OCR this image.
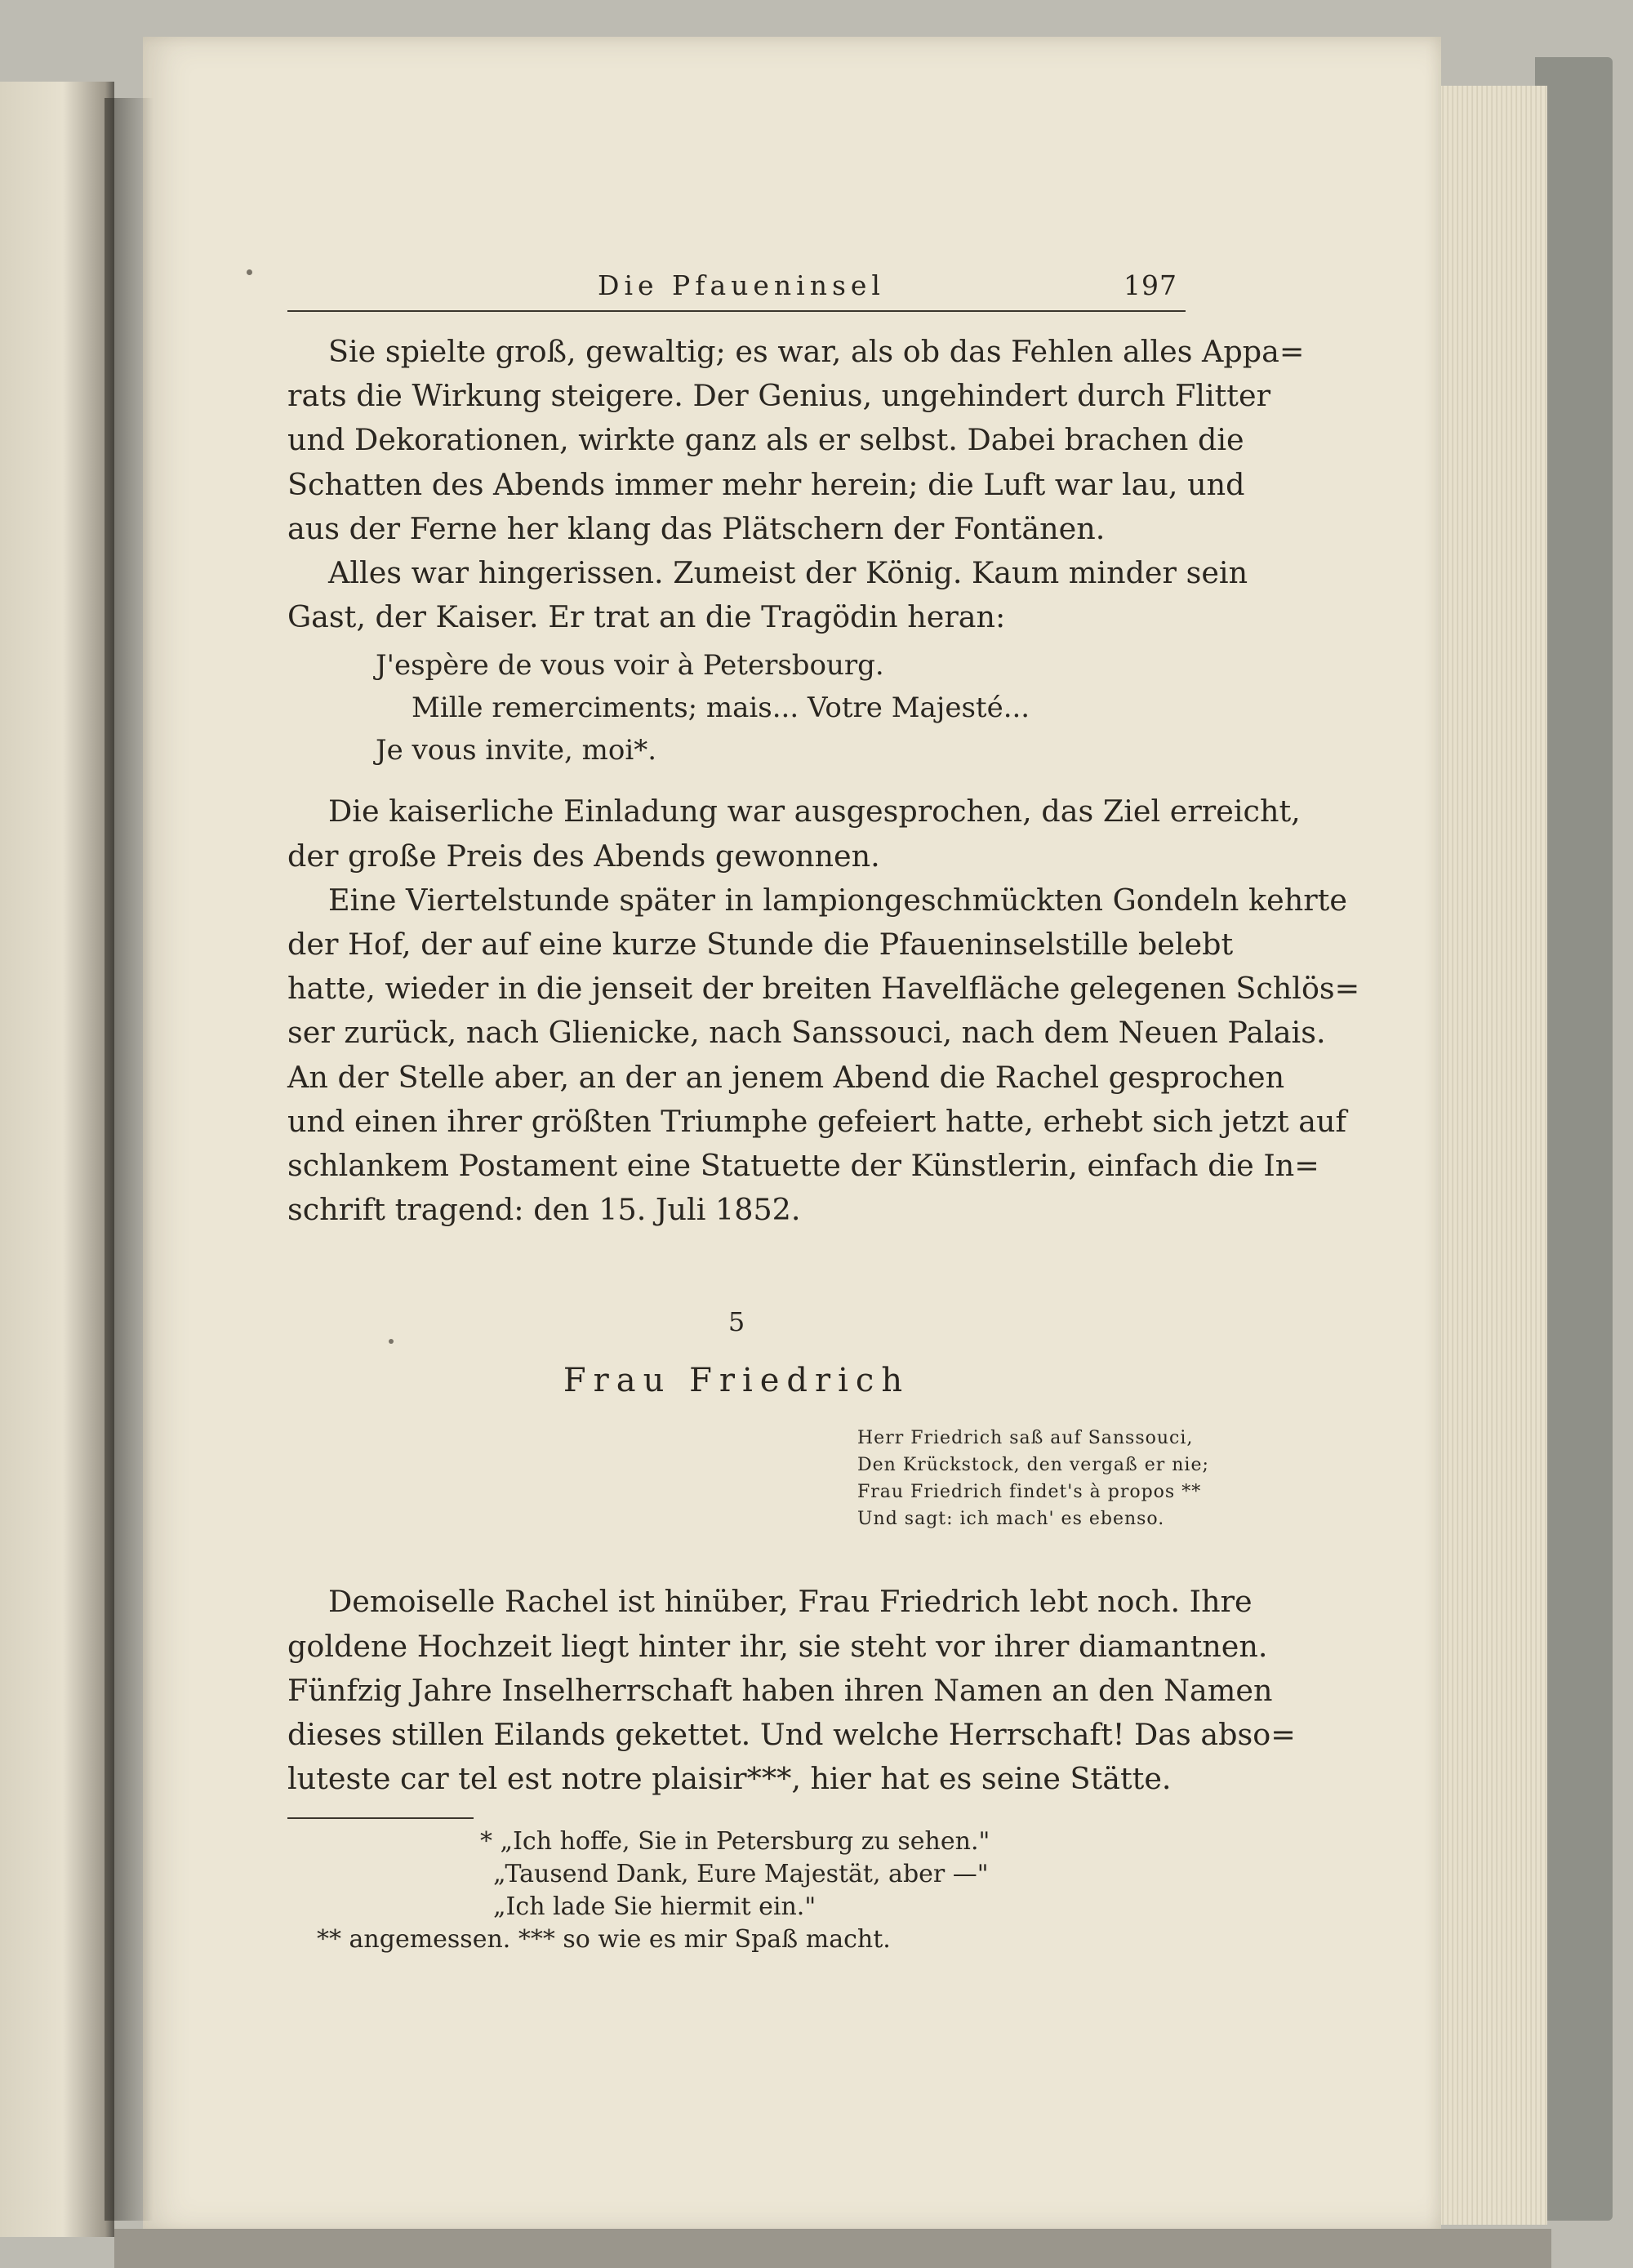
Die Pfaueninsel	197

Sie spielte groß, gewaltig; es war, als ob das Fehlen alles Appa=
rats die Wirkung steigere. Der Genius, ungehindert durch Flitter
und Dekorationen, wirkte ganz als er selbst. Dabei brachen die
Schatten des Abends immer mehr herein; die Luft war lau, und
aus der Ferne her klang das Plätschern der Fontänen.

Alles war hingerissen. Zumeist der König. Kaum minder sein
Gast, der Kaiser. Er trat an die Tragödin heran:

J'espère de vous voir à Petersbourg.
Mille remerciments; mais... Votre Majesté...
Je vous invite, moi*.

Die kaiserliche Einladung war ausgesprochen, das Ziel erreicht,
der große Preis des Abends gewonnen.

Eine Viertelstunde später in lampiongeschmückten Gondeln kehrte
der Hof, der auf eine kurze Stunde die Pfaueninselstille belebt
hatte, wieder in die jenseit der breiten Havelfläche gelegenen Schlös=
ser zurück, nach Glienicke, nach Sanssouci, nach dem Neuen Palais.
An der Stelle aber, an der an jenem Abend die Rachel gesprochen
und einen ihrer größten Triumphe gefeiert hatte, erhebt sich jetzt auf
schlankem Postament eine Statuette der Künstlerin, einfach die In=
schrift tragend: den 15. Juli 1852.

5
Frau Friedrich
Herr Friedrich saß auf Sanssouci,
Den Krückstock, den vergaß er nie;
Frau Friedrich findet's à propos **
Und sagt: ich mach' es ebenso.

Demoiselle Rachel ist hinüber, Frau Friedrich lebt noch. Ihre
goldene Hochzeit liegt hinter ihr, sie steht vor ihrer diamantnen.
Fünfzig Jahre Inselherrschaft haben ihren Namen an den Namen
dieses stillen Eilands gekettet. Und welche Herrschaft! Das abso=
luteste car tel est notre plaisir***, hier hat es seine Stätte.

* „Ich hoffe, Sie in Petersburg zu sehen."
„Tausend Dank, Eure Majestät, aber —"
„Ich lade Sie hiermit ein."
** angemessen. *** so wie es mir Spaß macht.
